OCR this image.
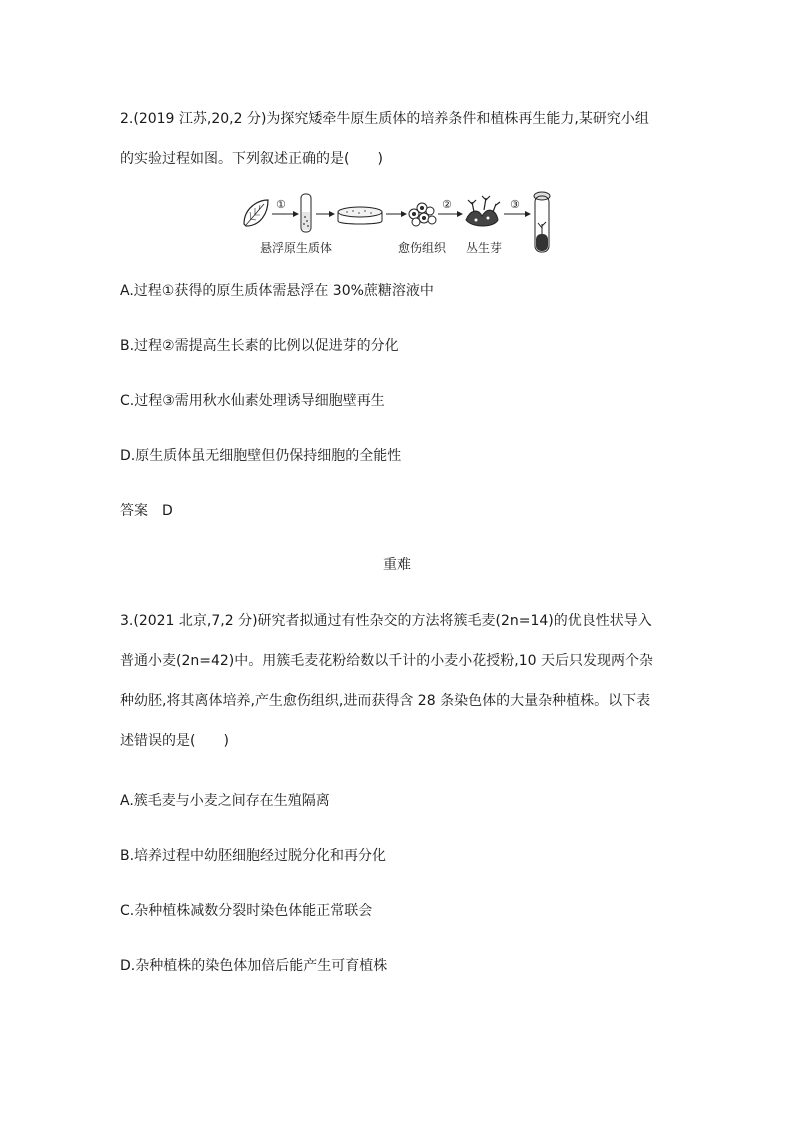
2.(2019 江苏,20,2 分)为探究矮牵牛原生质体的培养条件和植株再生能力,某研究小组
的实验过程如图。下列叙述正确的是(　　)
①	②	③
悬浮原生质体	愈伤组织 丛生芽
A.过程①获得的原生质体需悬浮在 30%蔗糖溶液中
B.过程②需提高生长素的比例以促进芽的分化
C.过程③需用秋水仙素处理诱导细胞壁再生
D.原生质体虽无细胞壁但仍保持细胞的全能性
答案 D
重难
3.(2021 北京,7,2 分)研究者拟通过有性杂交的方法将簇毛麦(2n=14)的优良性状导入
普通小麦(2n=42)中。用簇毛麦花粉给数以千计的小麦小花授粉,10 天后只发现两个杂
种幼胚,将其离体培养,产生愈伤组织,进而获得含 28 条染色体的大量杂种植株。以下表
述错误的是(　　)
A.簇毛麦与小麦之间存在生殖隔离
B.培养过程中幼胚细胞经过脱分化和再分化
C.杂种植株减数分裂时染色体能正常联会
D.杂种植株的染色体加倍后能产生可育植株
